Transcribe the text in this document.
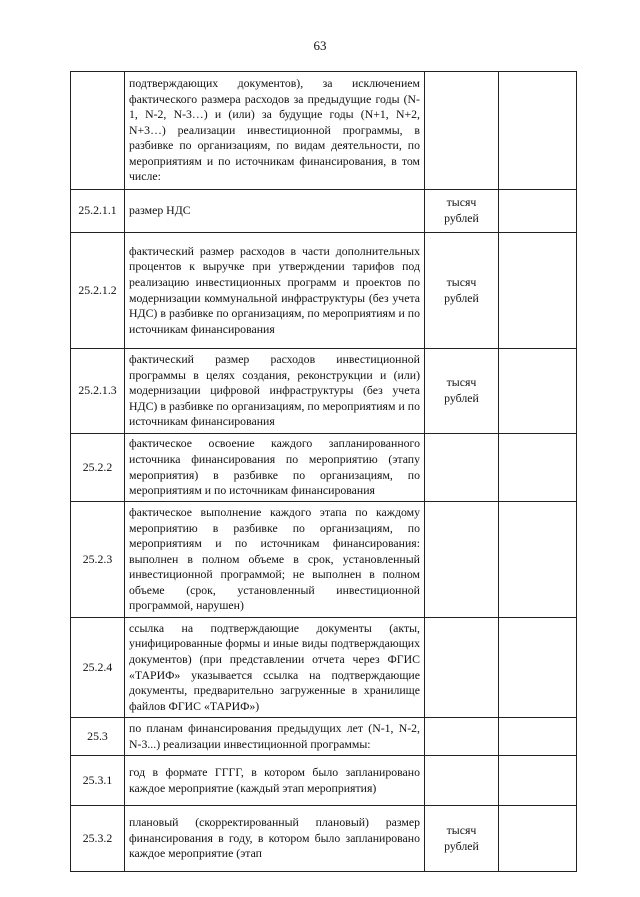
63
	подтверждающих документов), за исключением фактического размера расходов за предыдущие годы (N-1, N-2, N-3…) и (или) за будущие годы (N+1, N+2, N+3…) реализации инвестиционной программы, в разбивке по организациям, по видам деятельности, по мероприятиям и по источникам финансирования, в том числе:			
25.2.1.1	размер НДС	тысяч рублей		
25.2.1.2	фактический размер расходов в части дополнительных процентов к выручке при утверждении тарифов под реализацию инвестиционных программ и проектов по модернизации коммунальной инфраструктуры (без учета НДС) в разбивке по организациям, по мероприятиям и по источникам финансирования	тысяч рублей		
25.2.1.3	фактический размер расходов инвестиционной программы в целях создания, реконструкции и (или) модернизации цифровой инфраструктуры (без учета НДС) в разбивке по организациям, по мероприятиям и по источникам финансирования	тысяч рублей		
25.2.2	фактическое освоение каждого запланированного источника финансирования по мероприятию (этапу мероприятия) в разбивке по организациям, по мероприятиям и по источникам финансирования			
25.2.3	фактическое выполнение каждого этапа по каждому мероприятию в разбивке по организациям, по мероприятиям и по источникам финансирования: выполнен в полном объеме в срок, установленный инвестиционной программой; не выполнен в полном объеме (срок, установленный инвестиционной программой, нарушен)			
25.2.4	ссылка на подтверждающие документы (акты, унифицированные формы и иные виды подтверждающих документов) (при представлении отчета через ФГИС «ТАРИФ» указывается ссылка на подтверждающие документы, предварительно загруженные в хранилище файлов ФГИС «ТАРИФ»)			
25.3	по планам финансирования предыдущих лет (N-1, N-2, N-3...) реализации инвестиционной программы:			
25.3.1	год в формате ГГГГ, в котором было запланировано каждое мероприятие (каждый этап мероприятия)			
25.3.2	плановый (скорректированный плановый) размер финансирования в году, в котором было запланировано каждое мероприятие (этап	тысяч рублей		
